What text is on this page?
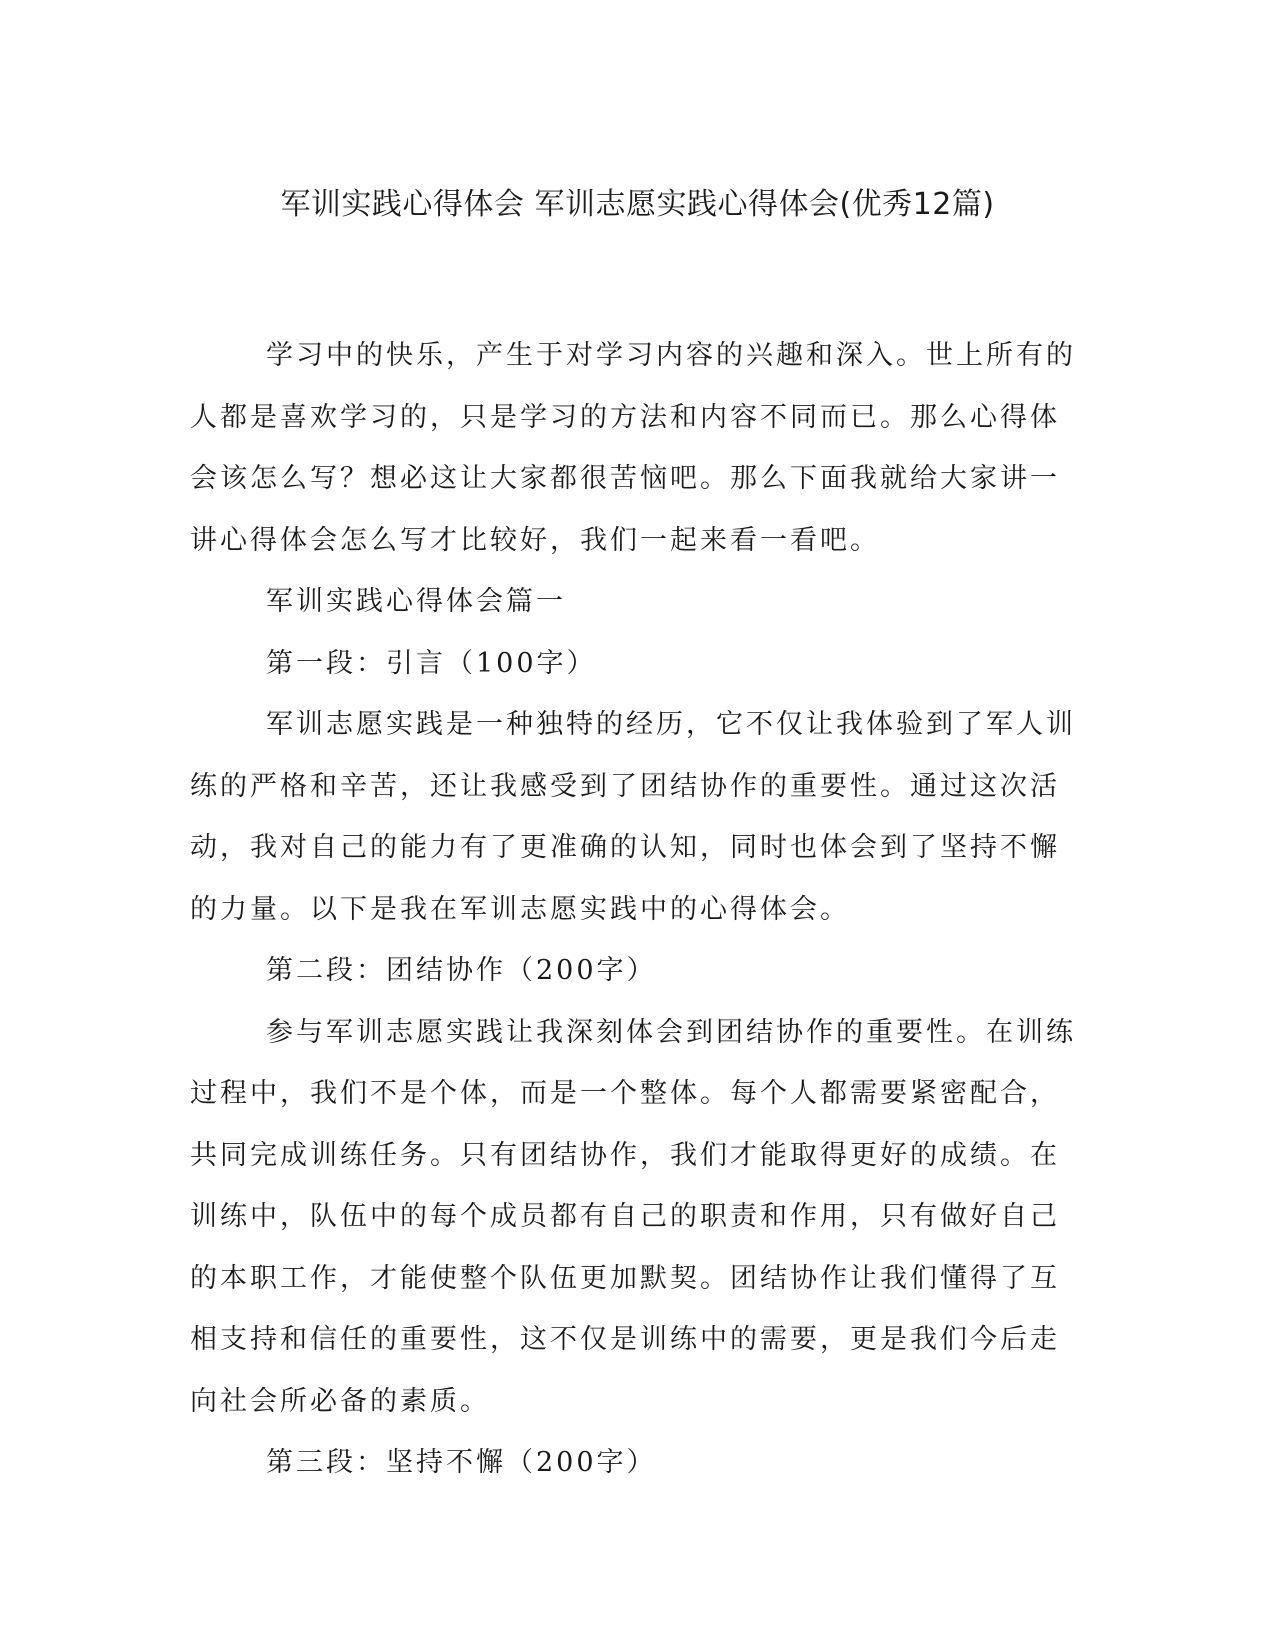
军训实践心得体会 军训志愿实践心得体会(优秀12篇)

学习中的快乐，产生于对学习内容的兴趣和深入。世上所有的人都是喜欢学习的，只是学习的方法和内容不同而已。那么心得体会该怎么写？想必这让大家都很苦恼吧。那么下面我就给大家讲一讲心得体会怎么写才比较好，我们一起来看一看吧。

军训实践心得体会篇一

第一段：引言（100字）

军训志愿实践是一种独特的经历，它不仅让我体验到了军人训练的严格和辛苦，还让我感受到了团结协作的重要性。通过这次活动，我对自己的能力有了更准确的认知，同时也体会到了坚持不懈的力量。以下是我在军训志愿实践中的心得体会。

第二段：团结协作（200字）

参与军训志愿实践让我深刻体会到团结协作的重要性。在训练过程中，我们不是个体，而是一个整体。每个人都需要紧密配合，共同完成训练任务。只有团结协作，我们才能取得更好的成绩。在训练中，队伍中的每个成员都有自己的职责和作用，只有做好自己的本职工作，才能使整个队伍更加默契。团结协作让我们懂得了互相支持和信任的重要性，这不仅是训练中的需要，更是我们今后走向社会所必备的素质。

第三段：坚持不懈（200字）
